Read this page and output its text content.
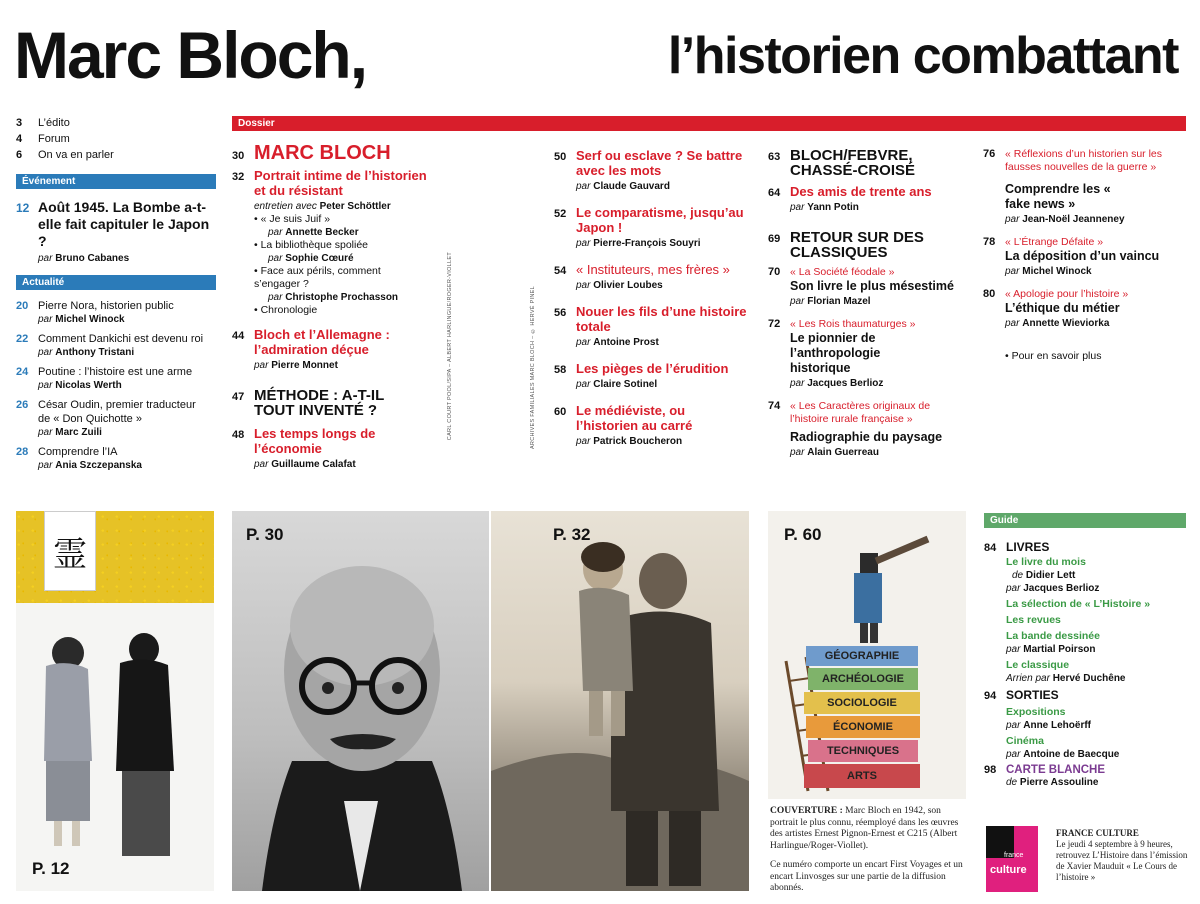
Marc Bloch,	l’historien combattant
3	L’édito
4	Forum
6	On va en parler
Événement
12 Août 1945. La Bombe a-t-elle fait capituler le Japon ?
par Bruno Cabanes
Actualité
20 Pierre Nora, historien public
par Michel Winock
22 Comment Dankichi est devenu roi
par Anthony Tristani
24 Poutine : l’histoire est une arme
par Nicolas Werth
26 César Oudin, premier traducteur de « Don Quichotte »
par Marc Zuili
28 Comprendre l’IA
par Ania Szczepanska
Dossier
30 MARC BLOCH
32 Portrait intime de l’historien et du résistant
entretien avec Peter Schöttler
• « Je suis Juif »
par Annette Becker
• La bibliothèque spoliée
par Sophie Cœuré
• Face aux périls, comment s’engager ?
par Christophe Prochasson
• Chronologie
44 Bloch et l’Allemagne : l’admiration déçue
par Pierre Monnet
47 MÉTHODE : A-T-IL TOUT INVENTÉ ?
48 Les temps longs de l’économie
par Guillaume Calafat
CARL COURT POOL/SIPA – ALBERT HARLINGUE/ROGER-VIOLLET	ARCHIVES FAMILIALES MARC BLOCH – © HERVÉ PINEL
50 Serf ou esclave ? Se battre avec les mots
par Claude Gauvard
52 Le comparatisme, jusqu’au Japon !
par Pierre-François Souyri
54 « Instituteurs, mes frères »
par Olivier Loubes
56 Nouer les fils d’une histoire totale
par Antoine Prost
58 Les pièges de l’érudition
par Claire Sotinel
60 Le médiéviste, ou l’historien au carré
par Patrick Boucheron
63 BLOCH/FEBVRE, CHASSÉ-CROISÉ
64 Des amis de trente ans
par Yann Potin
69 RETOUR SUR DES CLASSIQUES
70 « La Société féodale »
Son livre le plus mésestimé
par Florian Mazel
72 « Les Rois thaumaturges »
Le pionnier de l’anthropologie historique
par Jacques Berlioz
74 « Les Caractères originaux de l’histoire rurale française »
Radiographie du paysage
par Alain Guerreau
76 « Réflexions d’un historien sur les fausses nouvelles de la guerre »
Comprendre les « fake news »
par Jean-Noël Jeanneney
78 « L’Étrange Défaite »
La déposition d’un vaincu
par Michel Winock
80 « Apologie pour l’histoire »
L’éthique du métier
par Annette Wieviorka
• Pour en savoir plus
霊
P. 12
P. 30	P. 32
GÉOGRAPHIE
ARCHÉOLOGIE
SOCIOLOGIE
ÉCONOMIE
TECHNIQUES
ARTS
P. 60
COUVERTURE : Marc Bloch en 1942, son portrait le plus connu, réemployé dans les œuvres des artistes Ernest Pignon-Ernest et C215 (Albert Harlingue/Roger-Viollet).
Ce numéro comporte un encart First Voyages et un encart Linvosges sur une partie de la diffusion abonnés.
Guide
84 LIVRES
Le livre du mois
de Didier Lett
par Jacques Berlioz
La sélection de « L’Histoire »
Les revues
La bande dessinée
par Martial Poirson
Le classique
Arrien par Hervé Duchêne
94 SORTIES
Expositions
par Anne Lehoërff
Cinéma
par Antoine de Baecque
98 CARTE BLANCHE
de Pierre Assouline
france
culture
FRANCE CULTURE
Le jeudi 4 septembre à 9 heures, retrouvez L’Histoire dans l’émission de Xavier Mauduit « Le Cours de l’histoire »
